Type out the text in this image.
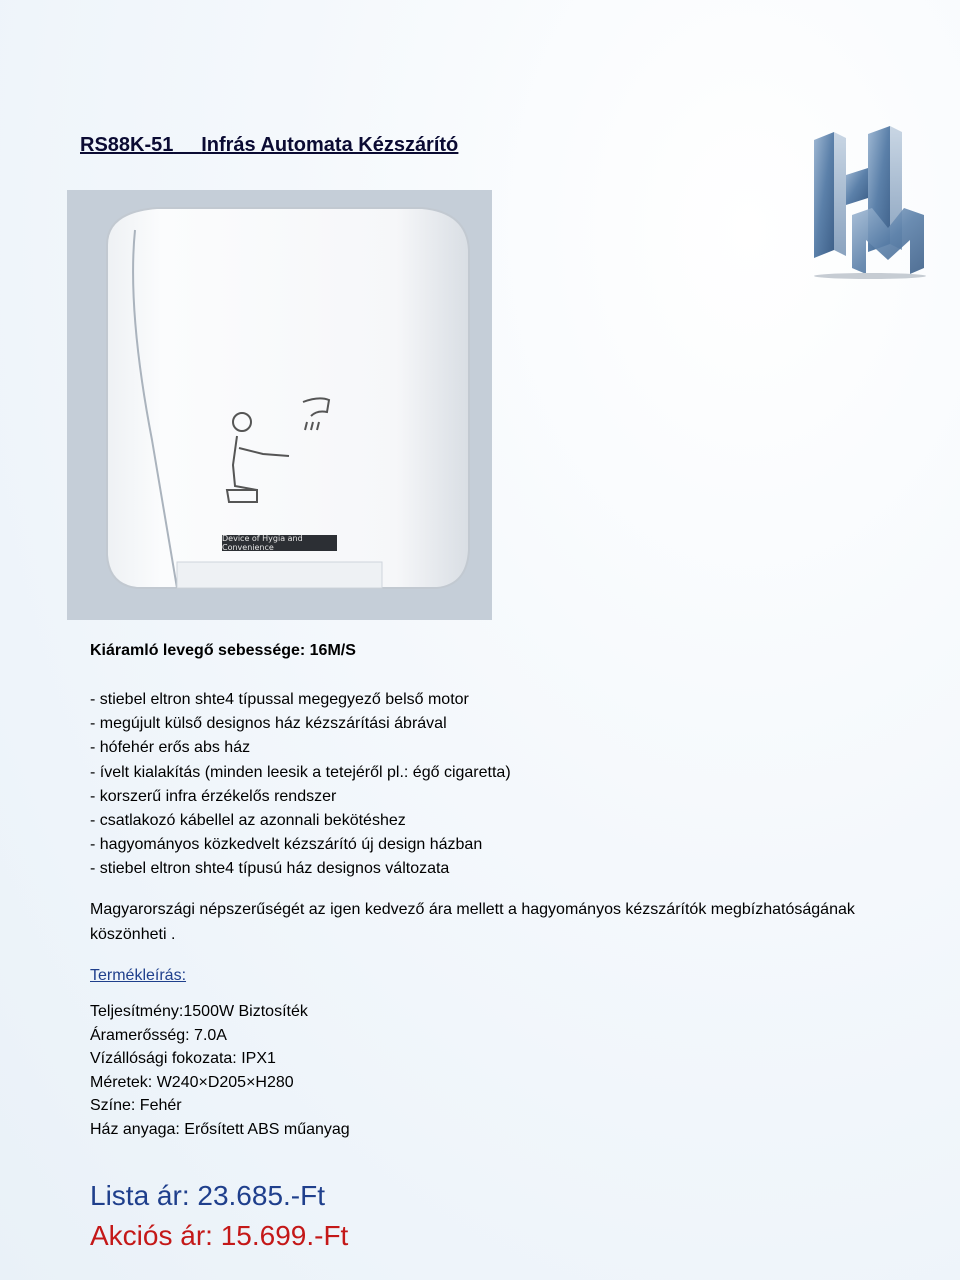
RS88K-51 Infrás Automata Kézszárító
Device of Hygia and Convenience
Kiáramló levegő sebessége: 16M/S
- stiebel eltron shte4 típussal megegyező belső motor
- megújult külső designos ház kézszárítási ábrával
- hófehér erős abs ház
- ívelt kialakítás (minden leesik a tetejéről pl.: égő cigaretta)
- korszerű infra érzékelős rendszer
- csatlakozó kábellel az azonnali bekötéshez
- hagyományos közkedvelt kézszárító új design házban
- stiebel eltron shte4 típusú ház designos változata
Magyarországi népszerűségét az igen kedvező ára mellett a hagyományos kézszárítók megbízhatóságának köszönheti .
Termékleírás:
Teljesítmény:1500W Biztosíték
Áramerősség: 7.0A
Vízállósági fokozata: IPX1
Méretek: W240×D205×H280
Színe: Fehér
Ház anyaga: Erősített ABS műanyag
Lista ár: 23.685.-Ft
Akciós ár: 15.699.-Ft
